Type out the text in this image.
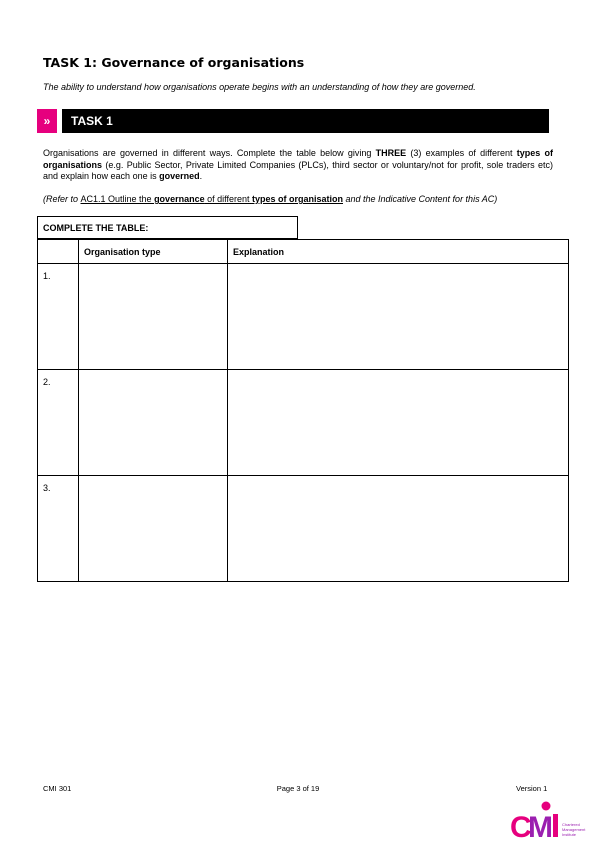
TASK 1: Governance of organisations
The ability to understand how organisations operate begins with an understanding of how they are governed.
»	TASK 1
Organisations are governed in different ways. Complete the table below giving THREE (3) examples of different types of organisations (e.g. Public Sector, Private Limited Companies (PLCs), third sector or voluntary/not for profit, sole traders etc) and explain how each one is governed.
(Refer to AC1.1 Outline the governance of different types of organisation and the Indicative Content for this AC)
COMPLETE THE TABLE:
	Organisation type	Explanation
1.		
2.		
3.		
CMI 301	Page 3 of 19	Version 1
C
M Chartered
Management
Institute
